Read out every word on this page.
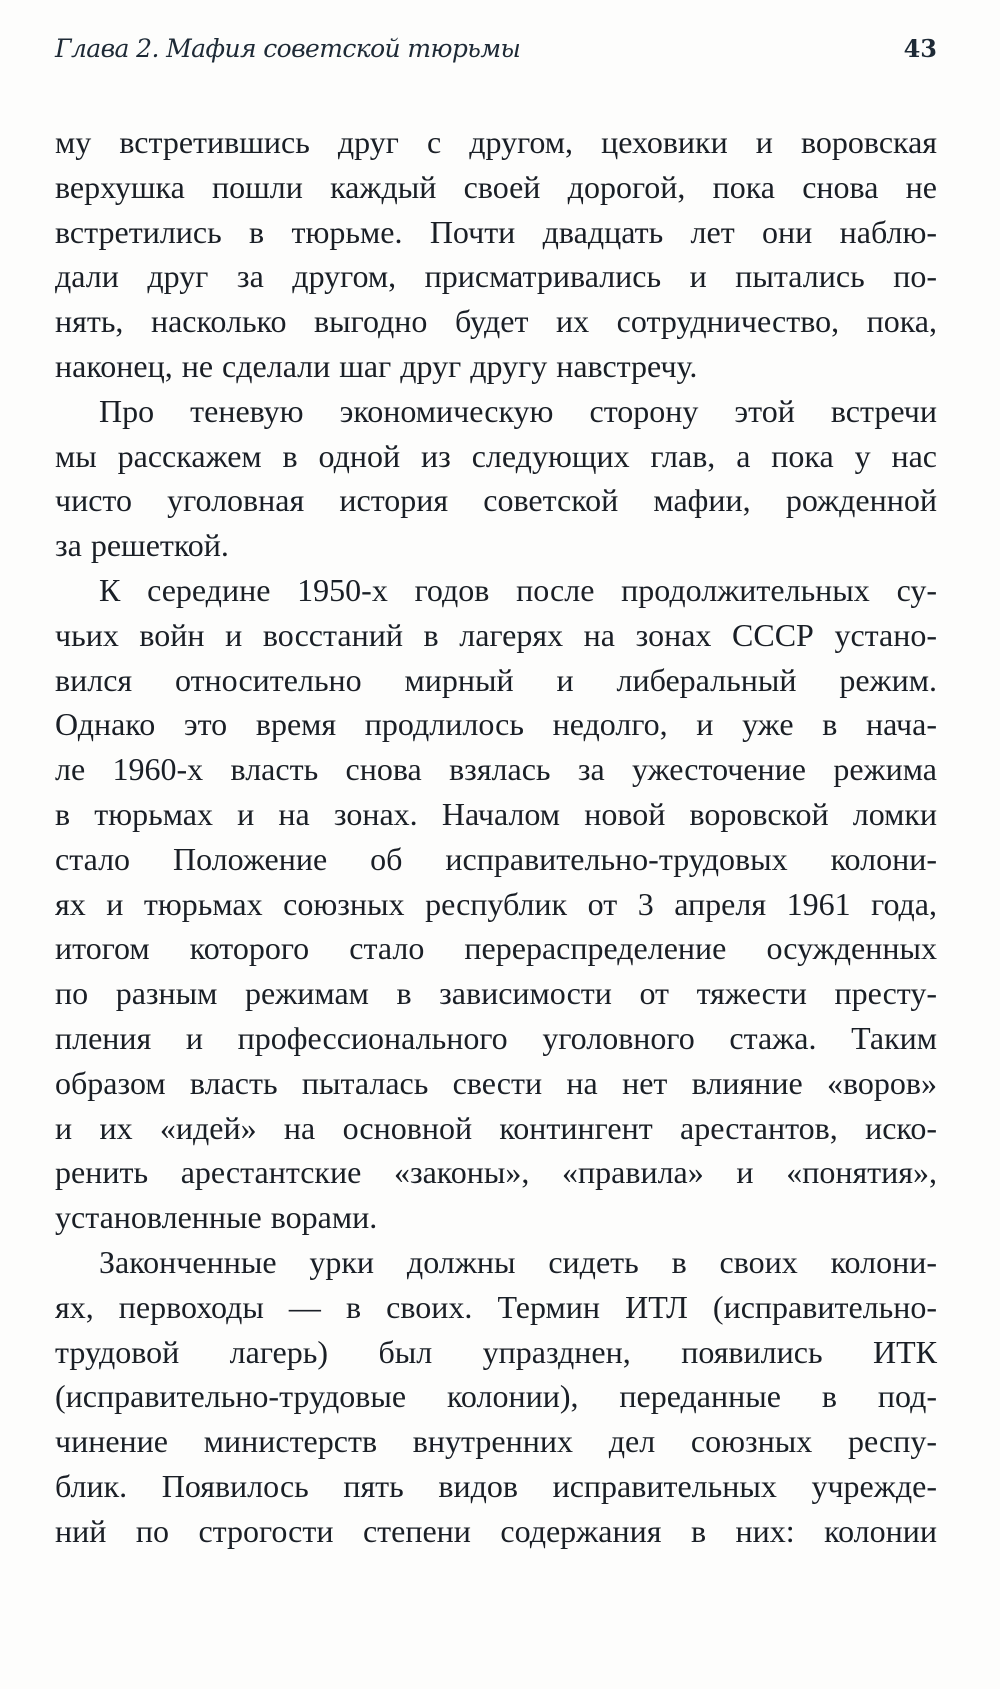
Глава 2. Мафия советской тюрьмы	43
му встретившись друг с другом, цеховики и воровская
верхушка пошли каждый своей дорогой, пока снова не
встретились в тюрьме. Почти двадцать лет они наблю-
дали друг за другом, присматривались и пытались по-
нять, насколько выгодно будет их сотрудничество, пока,
наконец, не сделали шаг друг другу навстречу.
Про теневую экономическую сторону этой встречи
мы расскажем в одной из следующих глав, а пока у нас
чисто уголовная история советской мафии, рожденной
за решеткой.
К середине 1950-х годов после продолжительных су-
чьих войн и восстаний в лагерях на зонах СССР устано-
вился относительно мирный и либеральный режим.
Однако это время продлилось недолго, и уже в нача-
ле 1960-х власть снова взялась за ужесточение режима
в тюрьмах и на зонах. Началом новой воровской ломки
стало Положение об исправительно-трудовых колони-
ях и тюрьмах союзных республик от 3 апреля 1961 года,
итогом которого стало перераспределение осужденных
по разным режимам в зависимости от тяжести престу-
пления и профессионального уголовного стажа. Таким
образом власть пыталась свести на нет влияние «воров»
и их «идей» на основной контингент арестантов, иско-
ренить арестантские «законы», «правила» и «понятия»,
установленные ворами.
Законченные урки должны сидеть в своих колони-
ях, первоходы — в своих. Термин ИТЛ (исправительно-
трудовой лагерь) был упразднен, появились ИТК
(исправительно-трудовые колонии), переданные в под-
чинение министерств внутренних дел союзных респу-
блик. Появилось пять видов исправительных учрежде-
ний по строгости степени содержания в них: колонии
